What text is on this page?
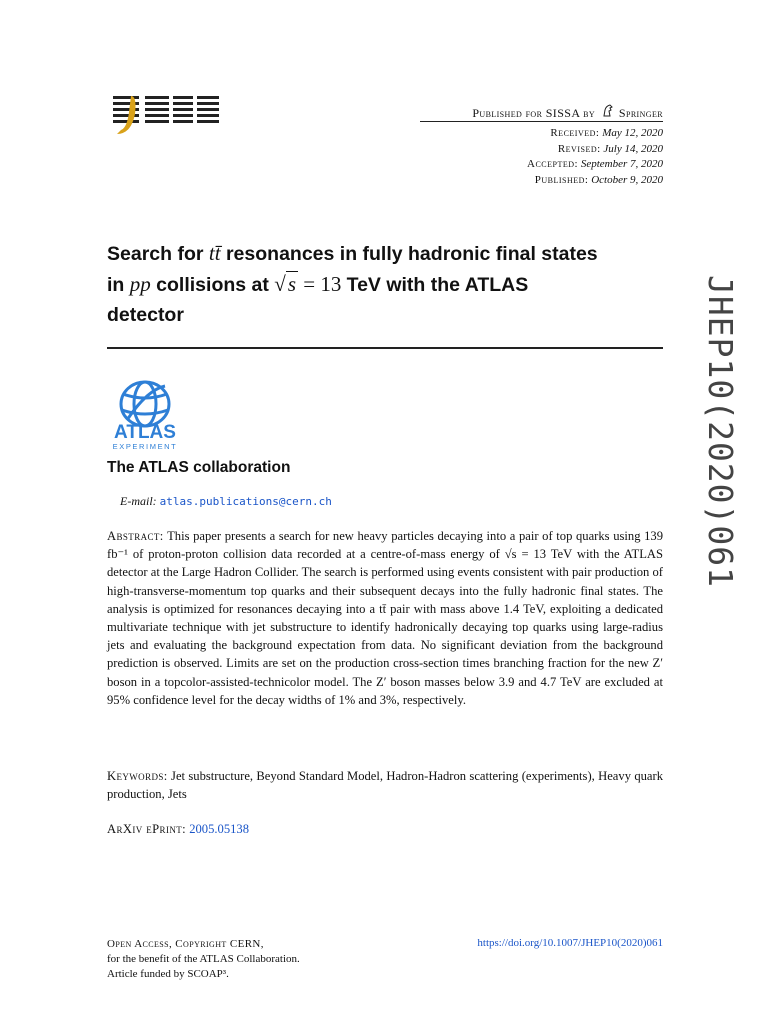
Published for SISSA by Springer
Received: May 12, 2020
Revised: July 14, 2020
Accepted: September 7, 2020
Published: October 9, 2020
JHEP10(2020)061
Search for tt̄ resonances in fully hadronic final states
in pp collisions at √s = 13 TeV with the ATLAS
detector
ATLAS
EXPERIMENT
The ATLAS collaboration
E-mail: atlas.publications@cern.ch
Abstract: This paper presents a search for new heavy particles decaying into a pair of top quarks using 139 fb⁻¹ of proton-proton collision data recorded at a centre-of-mass energy of √s = 13 TeV with the ATLAS detector at the Large Hadron Collider. The search is performed using events consistent with pair production of high-transverse-momentum top quarks and their subsequent decays into the fully hadronic final states. The analysis is optimized for resonances decaying into a tt̄ pair with mass above 1.4 TeV, exploiting a dedicated multivariate technique with jet substructure to identify hadronically decaying top quarks using large-radius jets and evaluating the background expectation from data. No significant deviation from the background prediction is observed. Limits are set on the production cross-section times branching fraction for the new Z′ boson in a topcolor-assisted-technicolor model. The Z′ boson masses below 3.9 and 4.7 TeV are excluded at 95% confidence level for the decay widths of 1% and 3%, respectively.
Keywords: Jet substructure, Beyond Standard Model, Hadron-Hadron scattering (experiments), Heavy quark production, Jets
ArXiv ePrint: 2005.05138
Open Access, Copyright CERN,
for the benefit of the ATLAS Collaboration.
Article funded by SCOAP³.
https://doi.org/10.1007/JHEP10(2020)061
